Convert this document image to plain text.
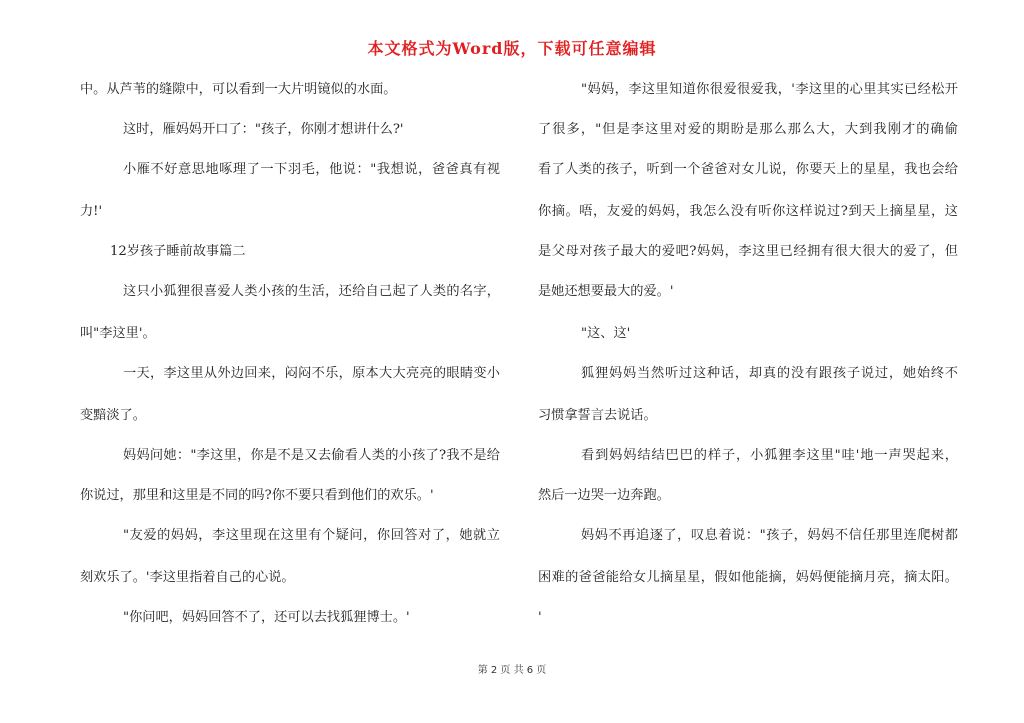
本文格式为Word版，下载可任意编辑
中。从芦苇的缝隙中，可以看到一大片明镜似的水面。
这时，雁妈妈开口了："孩子，你刚才想讲什么?'
小雁不好意思地啄理了一下羽毛，他说："我想说，爸爸真有视
力!'
12岁孩子睡前故事篇二
这只小狐狸很喜爱人类小孩的生活，还给自己起了人类的名字，
叫"李这里'。
一天，李这里从外边回来，闷闷不乐，原本大大亮亮的眼睛变小
变黯淡了。
妈妈问她："李这里，你是不是又去偷看人类的小孩了?我不是给
你说过，那里和这里是不同的吗?你不要只看到他们的欢乐。'
"友爱的妈妈，李这里现在这里有个疑问，你回答对了，她就立
刻欢乐了。'李这里指着自己的心说。
"你问吧，妈妈回答不了，还可以去找狐狸博士。'
"妈妈，李这里知道你很爱很爱我，'李这里的心里其实已经松开
了很多，"但是李这里对爱的期盼是那么那么大，大到我刚才的确偷
看了人类的孩子，听到一个爸爸对女儿说，你要天上的星星，我也会给
你摘。唔，友爱的妈妈，我怎么没有听你这样说过?到天上摘星星，这
是父母对孩子最大的爱吧?妈妈，李这里已经拥有很大很大的爱了，但
是她还想要最大的爱。'
"这、这'
狐狸妈妈当然听过这种话，却真的没有跟孩子说过，她始终不
习惯拿誓言去说话。
看到妈妈结结巴巴的样子，小狐狸李这里"哇'地一声哭起来，
然后一边哭一边奔跑。
妈妈不再追逐了，叹息着说："孩子，妈妈不信任那里连爬树都
困难的爸爸能给女儿摘星星，假如他能摘，妈妈便能摘月亮，摘太阳。
'
第 2 页 共 6 页
